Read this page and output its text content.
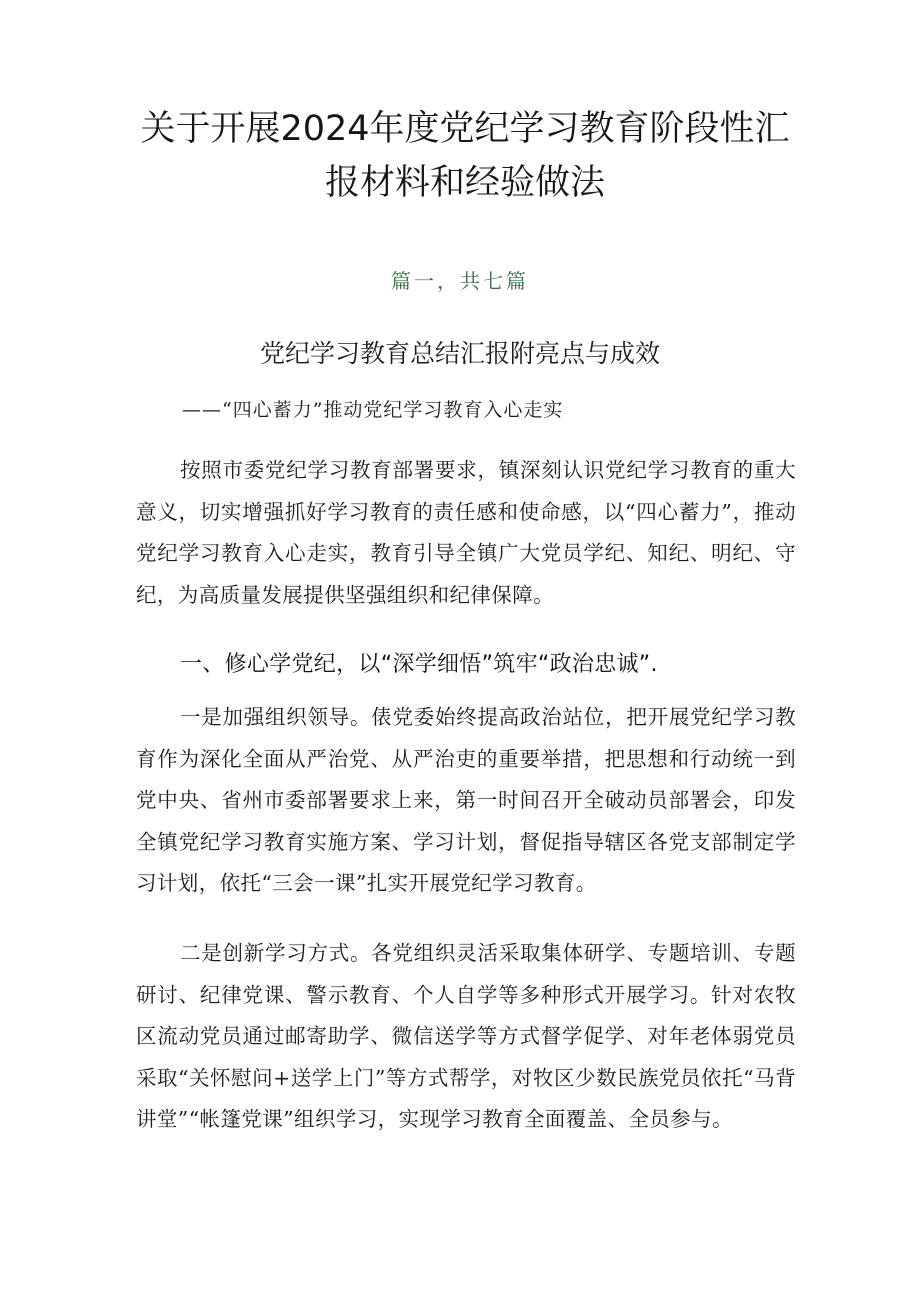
关于开展2024年度党纪学习教育阶段性汇报材料和经验做法
篇一，共七篇
党纪学习教育总结汇报附亮点与成效
——“四心蓄力”推动党纪学习教育入心走实

按照市委党纪学习教育部署要求，镇深刻认识党纪学习教育的重大意义，切实增强抓好学习教育的责任感和使命感，以“四心蓄力”，推动党纪学习教育入心走实，教育引导全镇广大党员学纪、知纪、明纪、守纪，为高质量发展提供坚强组织和纪律保障。

一、修心学党纪，以“深学细悟”筑牢“政治忠诚”.

一是加强组织领导。俵党委始终提高政治站位，把开展党纪学习教育作为深化全面从严治党、从严治吏的重要举措，把思想和行动统一到党中央、省州市委部署要求上来，第一时间召开全破动员部署会，印发全镇党纪学习教育实施方案、学习计划，督促指导辖区各党支部制定学习计划，依托“三会一课”扎实开展党纪学习教育。

二是创新学习方式。各党组织灵活采取集体研学、专题培训、专题研讨、纪律党课、警示教育、个人自学等多种形式开展学习。针对农牧区流动党员通过邮寄助学、微信送学等方式督学促学、对年老体弱党员采取“关怀慰问+送学上门”等方式帮学，对牧区少数民族党员依托“马背讲堂”“帐篷党课”组织学习，实现学习教育全面覆盖、全员参与。
